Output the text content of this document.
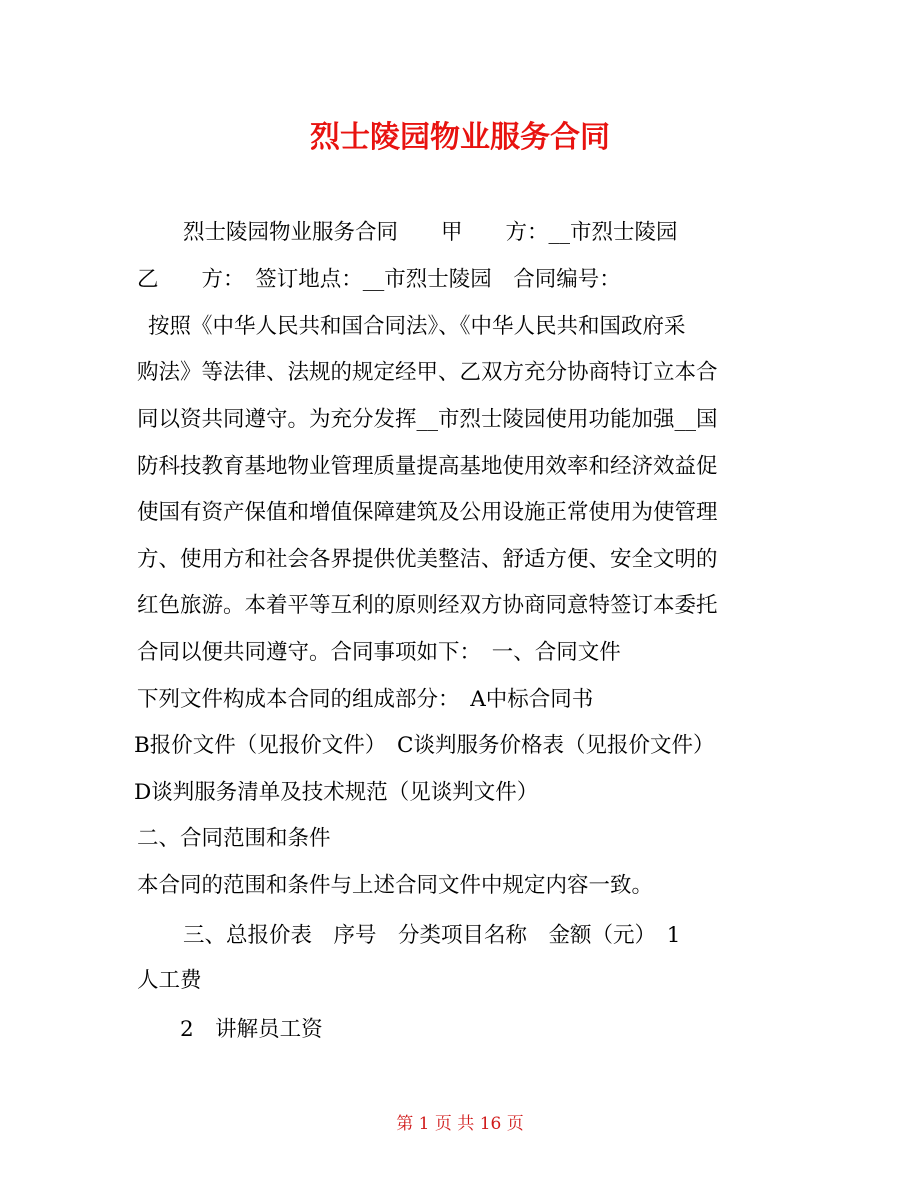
烈士陵园物业服务合同
烈士陵园物业服务合同　　甲　　方：__市烈士陵园
乙　　方：　签订地点：__市烈士陵园　合同编号：
按照《中华人民共和国合同法》、《中华人民共和国政府采
购法》等法律、法规的规定经甲、乙双方充分协商特订立本合
同以资共同遵守。为充分发挥__市烈士陵园使用功能加强__国
防科技教育基地物业管理质量提高基地使用效率和经济效益促
使国有资产保值和增值保障建筑及公用设施正常使用为使管理
方、使用方和社会各界提供优美整洁、舒适方便、安全文明的
红色旅游。本着平等互利的原则经双方协商同意特签订本委托
合同以便共同遵守。合同事项如下：　一、合同文件
下列文件构成本合同的组成部分：　A中标合同书
B报价文件（见报价文件）　C谈判服务价格表（见报价文件）
D谈判服务清单及技术规范（见谈判文件）
二、合同范围和条件
本合同的范围和条件与上述合同文件中规定内容一致。
三、总报价表　序号　分类项目名称　金额（元）　1
人工费
2　讲解员工资
第 1 页 共 16 页
